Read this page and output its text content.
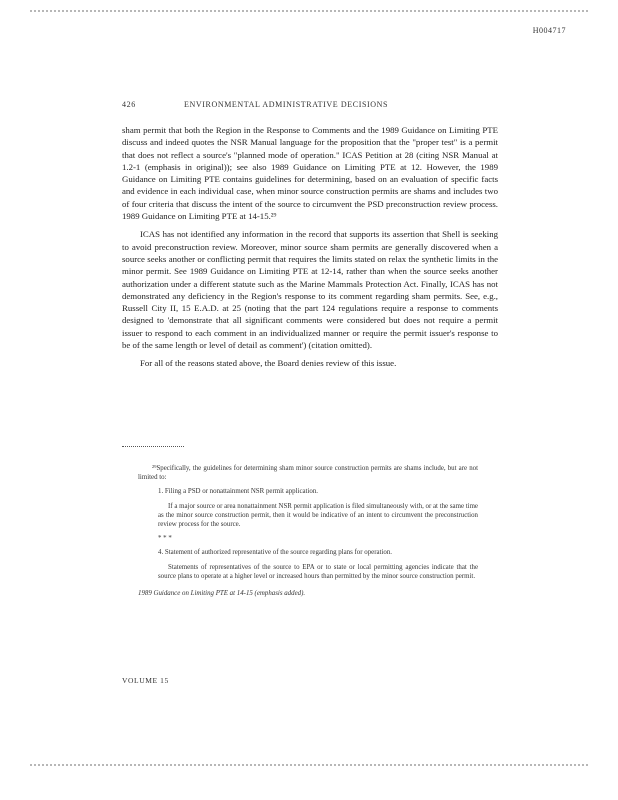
H004717
426	ENVIRONMENTAL ADMINISTRATIVE DECISIONS

sham permit that both the Region in the Response to Comments and the 1989 Guidance on Limiting PTE discuss and indeed quotes the NSR Manual language for the proposition that the "proper test" is a permit that does not reflect a source's "planned mode of operation." ICAS Petition at 28 (citing NSR Manual at 1.2-1 (emphasis in original)); see also 1989 Guidance on Limiting PTE at 12. However, the 1989 Guidance on Limiting PTE contains guidelines for determining, based on an evaluation of specific facts and evidence in each individual case, when minor source construction permits are shams and includes two of four criteria that discuss the intent of the source to circumvent the PSD preconstruction review process. 1989 Guidance on Limiting PTE at 14-15.²⁹

ICAS has not identified any information in the record that supports its assertion that Shell is seeking to avoid preconstruction review. Moreover, minor source sham permits are generally discovered when a source seeks another or conflicting permit that requires the limits stated on relax the synthetic limits in the minor permit. See 1989 Guidance on Limiting PTE at 12-14, rather than when the source seeks another authorization under a different statute such as the Marine Mammals Protection Act. Finally, ICAS has not demonstrated any deficiency in the Region's response to its comment regarding sham permits. See, e.g., Russell City II, 15 E.A.D. at 25 (noting that the part 124 regulations require a response to comments designed to 'demonstrate that all significant comments were considered but does not require a permit issuer to respond to each comment in an individualized manner or require the permit issuer's response to be of the same length or level of detail as comment') (citation omitted).

For all of the reasons stated above, the Board denies review of this issue.

²⁹Specifically, the guidelines for determining sham minor source construction permits are shams include, but are not limited to:

1. Filing a PSD or nonattainment NSR permit application.

If a major source or area nonattainment NSR permit application is filed simultaneously with, or at the same time as the minor source construction permit, then it would be indicative of an intent to circumvent the preconstruction review process for the source.

* * *

4. Statement of authorized representative of the source regarding plans for operation.

Statements of representatives of the source to EPA or to state or local permitting agencies indicate that the source plans to operate at a higher level or increased hours than permitted by the minor source construction permit.

1989 Guidance on Limiting PTE at 14-15 (emphasis added).

VOLUME 15
